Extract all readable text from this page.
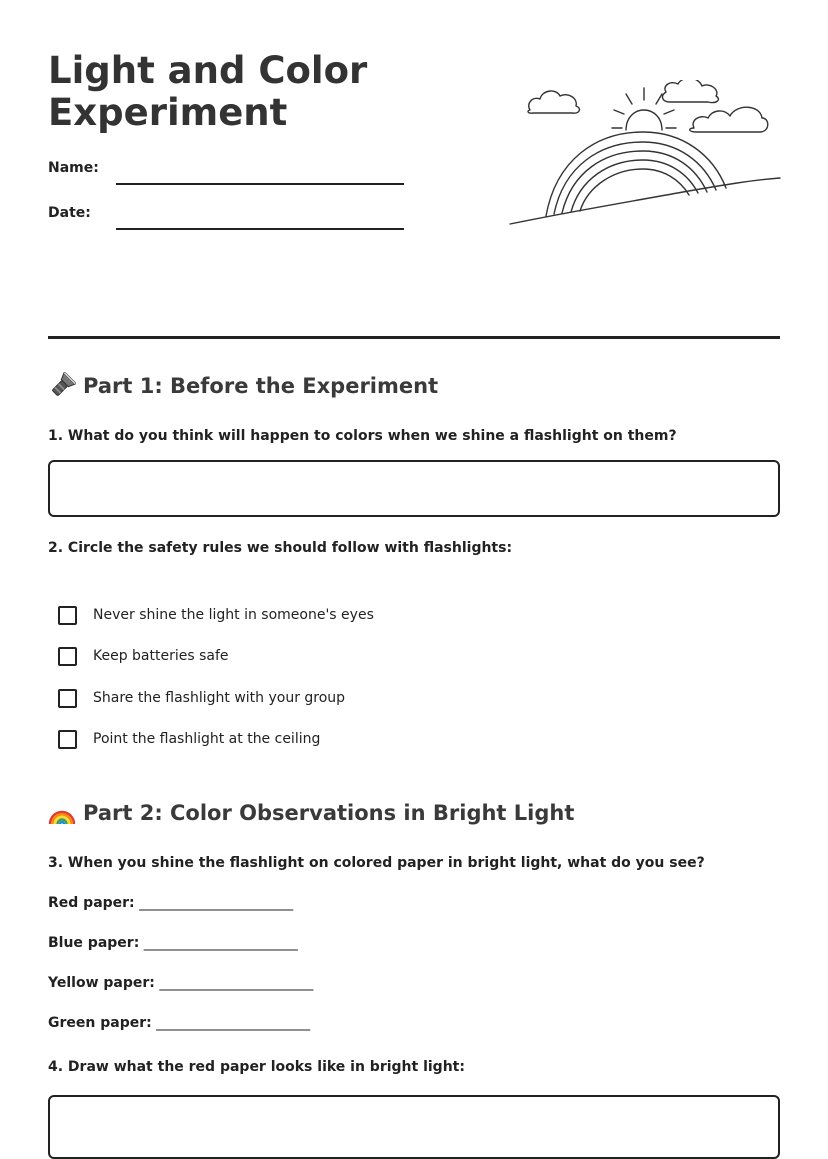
Light and Color
Experiment
Name:
Date:
Part 1: Before the Experiment

1. What do you think will happen to colors when we shine a flashlight on them?

2. Circle the safety rules we should follow with flashlights:

Never shine the light in someone's eyes
Keep batteries safe
Share the flashlight with your group
Point the flashlight at the ceiling
Part 2: Color Observations in Bright Light

3. When you shine the flashlight on colored paper in bright light, what do you see?

Red paper: ______________________
Blue paper: ______________________
Yellow paper: ______________________
Green paper: ______________________

4. Draw what the red paper looks like in bright light:
